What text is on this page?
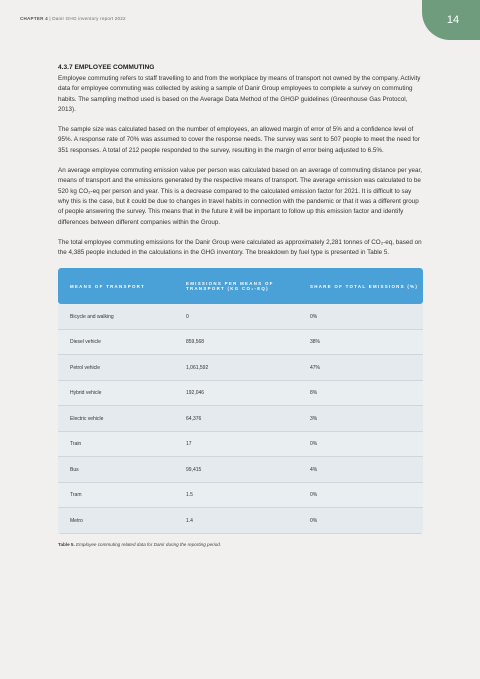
CHAPTER 4 | Danir GHG inventory report 2022	14
4.3.7 EMPLOYEE COMMUTING

Employee commuting refers to staff travelling to and from the workplace by means of transport not owned by the company. Activity data for employee commuting was collected by asking a sample of Danir Group employees to complete a survey on commuting habits. The sampling method used is based on the Average Data Method of the GHGP guidelines (Greenhouse Gas Protocol, 2013).

The sample size was calculated based on the number of employees, an allowed margin of error of 5% and a confidence level of 95%. A response rate of 70% was assumed to cover the response needs. The survey was sent to 507 people to meet the need for 351 responses. A total of 212 people responded to the survey, resulting in the margin of error being adjusted to 6.5%.

An average employee commuting emission value per person was calculated based on an average of commuting distance per year, means of transport and the emissions generated by the respective means of transport. The average emission was calculated to be 520 kg CO₂-eq per person and year. This is a decrease compared to the calculated emission factor for 2021. It is difficult to say why this is the case, but it could be due to changes in travel habits in connection with the pandemic or that it was a different group of people answering the survey. This means that in the future it will be important to follow up this emission factor and identify differences between different companies within the Group.

The total employee commuting emissions for the Danir Group were calculated as approximately 2,281 tonnes of CO₂-eq, based on the 4,385 people included in the calculations in the GHG inventory. The breakdown by fuel type is presented in Table 5.

MEANS OF TRANSPORT	EMISSIONS PER MEANS OF TRANSPORT (KG CO₂-EQ)	SHARE OF TOTAL EMISSIONS (%)
Bicycle and walking	0	0%
Diesel vehicle	859,568	38%
Petrol vehicle	1,061,592	47%
Hybrid vehicle	192,046	8%
Electric vehicle	64,376	3%
Train	17	0%
Bus	99,415	4%
Tram	1.5	0%
Metro	1.4	0%
Table 5. Employee commuting related data for Danir during the reporting period.
